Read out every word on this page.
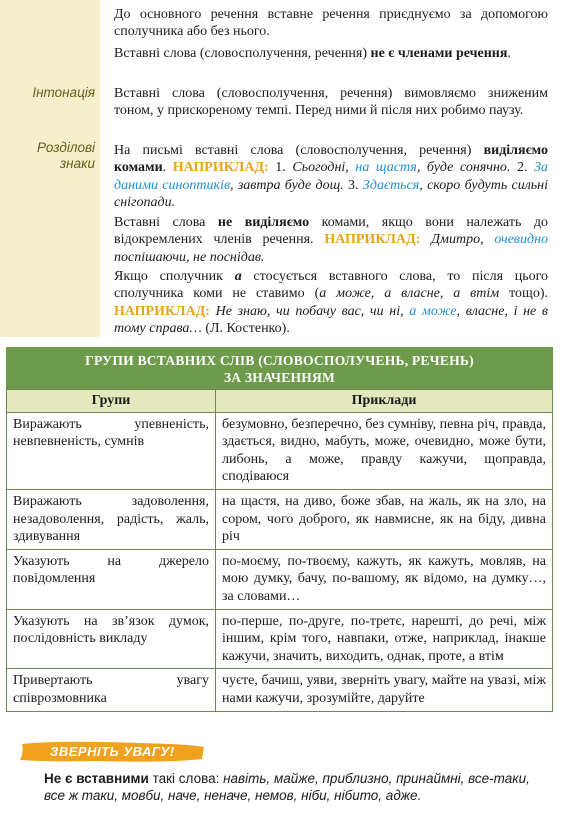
Інтонація
Розділові
знаки
До основного речення вставне речення приєднуємо за допомогою сполучника або без нього.
Вставні слова (словосполучення, речення) не є членами речення.
Вставні слова (словосполучення, речення) вимовляємо зниженим тоном, у прискореному темпі. Перед ними й після них робимо паузу.
На письмі вставні слова (словосполучення, речення) виділяємо комами. НАПРИКЛАД: 1. Сьогодні, на щастя, буде сонячно. 2. За даними синоптиків, завтра буде дощ. 3. Здається, скоро будуть сильні снігопади.
Вставні слова не виділяємо комами, якщо вони належать до відокремлених членів речення. НАПРИКЛАД: Дмитро, очевидно поспішаючи, не поснідав.
Якщо сполучник а стосується вставного слова, то після цього сполучника коми не ставимо (а може, а власне, а втім тощо). НАПРИКЛАД: Не знаю, чи побачу вас, чи ні, а може, власне, і не в тому справа… (Л. Костенко).
ГРУПИ ВСТАВНИХ СЛІВ (СЛОВОСПОЛУЧЕНЬ, РЕЧЕНЬ)
ЗА ЗНАЧЕННЯМ
Групи	Приклади
Виражають упевненість, невпевненість, сумнів	безумовно, безперечно, без сумніву, певна річ, правда, здається, видно, мабуть, може, очевидно, може бути, либонь, а може, правду кажучи, щоправда, сподіваюся
Виражають задоволення, незадоволення, радість, жаль, здивування	на щастя, на диво, боже збав, на жаль, як на зло, на сором, чого доброго, як навмисне, як на біду, дивна річ
Указують на джерело повідомлення	по-моєму, по-твоєму, кажуть, як кажуть, мовляв, на мою думку, бачу, по-вашому, як відомо, на думку…, за словами…
Указують на зв’язок думок, послідовність викладу	по-перше, по-друге, по-третє, нарешті, до речі, між іншим, крім того, навпаки, отже, наприклад, інакше кажучи, значить, виходить, однак, проте, а втім
Привертають увагу співрозмовника	чуєте, бачиш, уяви, зверніть увагу, майте на увазі, між нами кажучи, зрозумійте, даруйте
ЗВЕРНІТЬ УВАГУ!
Не є вставними такі слова: навіть, майже, приблизно, принаймні, все-таки, все ж таки, мовби, наче, неначе, немов, ніби, нібито, адже.
